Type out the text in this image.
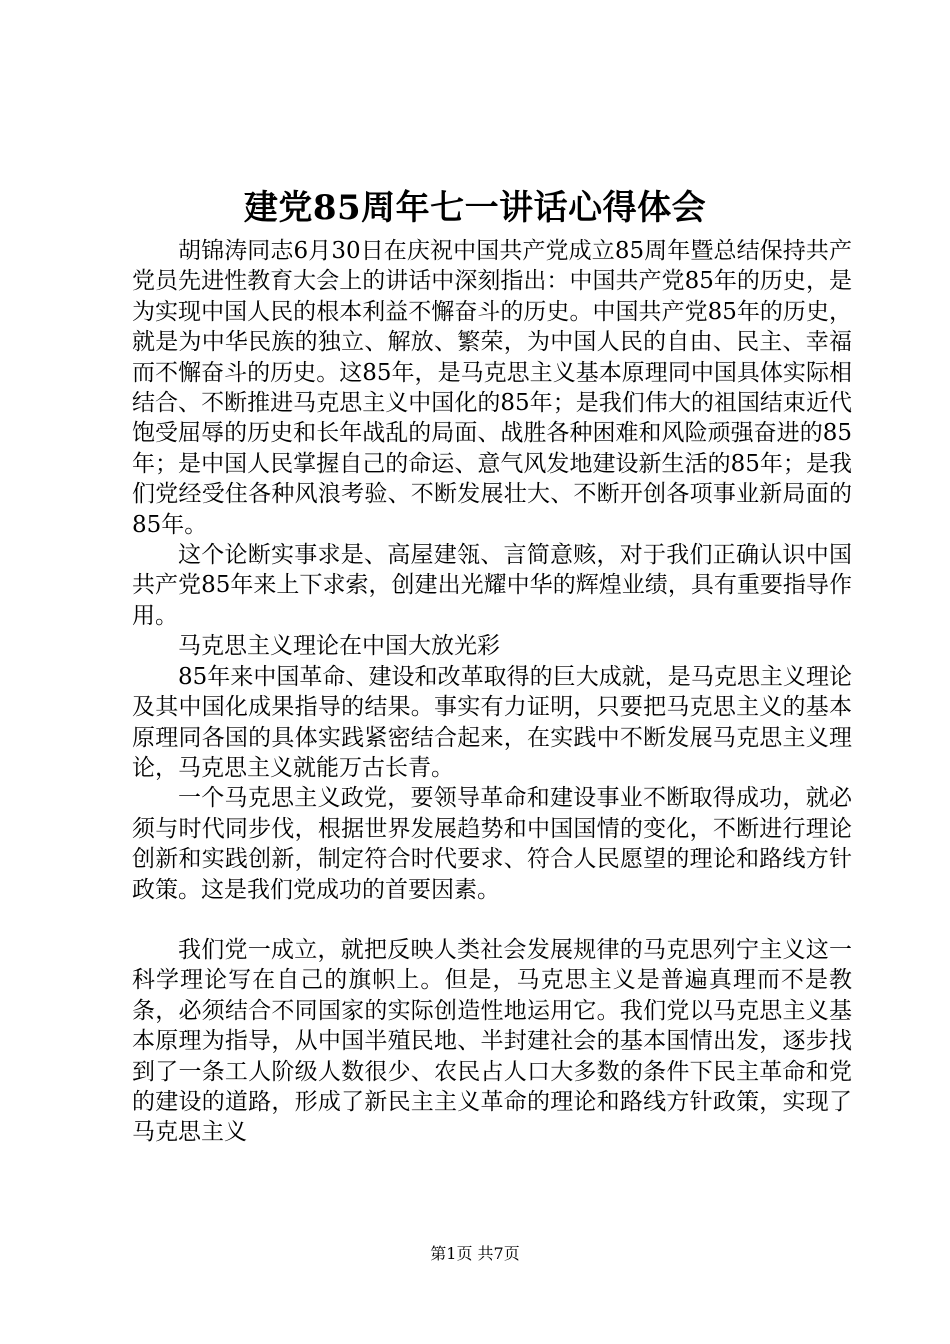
建党85周年七一讲话心得体会

胡锦涛同志6月30日在庆祝中国共产党成立85周年暨总结保持共产党员先进性教育大会上的讲话中深刻指出：中国共产党85年的历史，是为实现中国人民的根本利益不懈奋斗的历史。中国共产党85年的历史，就是为中华民族的独立、解放、繁荣，为中国人民的自由、民主、幸福而不懈奋斗的历史。这85年，是马克思主义基本原理同中国具体实际相结合、不断推进马克思主义中国化的85年；是我们伟大的祖国结束近代饱受屈辱的历史和长年战乱的局面、战胜各种困难和风险顽强奋进的85年；是中国人民掌握自己的命运、意气风发地建设新生活的85年；是我们党经受住各种风浪考验、不断发展壮大、不断开创各项事业新局面的85年。

这个论断实事求是、高屋建瓴、言简意赅，对于我们正确认识中国共产党85年来上下求索，创建出光耀中华的辉煌业绩，具有重要指导作用。

马克思主义理论在中国大放光彩

85年来中国革命、建设和改革取得的巨大成就，是马克思主义理论及其中国化成果指导的结果。事实有力证明，只要把马克思主义的基本原理同各国的具体实践紧密结合起来，在实践中不断发展马克思主义理论，马克思主义就能万古长青。

一个马克思主义政党，要领导革命和建设事业不断取得成功，就必须与时代同步伐，根据世界发展趋势和中国国情的变化，不断进行理论创新和实践创新，制定符合时代要求、符合人民愿望的理论和路线方针政策。这是我们党成功的首要因素。

我们党一成立，就把反映人类社会发展规律的马克思列宁主义这一科学理论写在自己的旗帜上。但是，马克思主义是普遍真理而不是教条，必须结合不同国家的实际创造性地运用它。我们党以马克思主义基本原理为指导，从中国半殖民地、半封建社会的基本国情出发，逐步找到了一条工人阶级人数很少、农民占人口大多数的条件下民主革命和党的建设的道路，形成了新民主主义革命的理论和路线方针政策，实现了马克思主义

第1页 共7页
